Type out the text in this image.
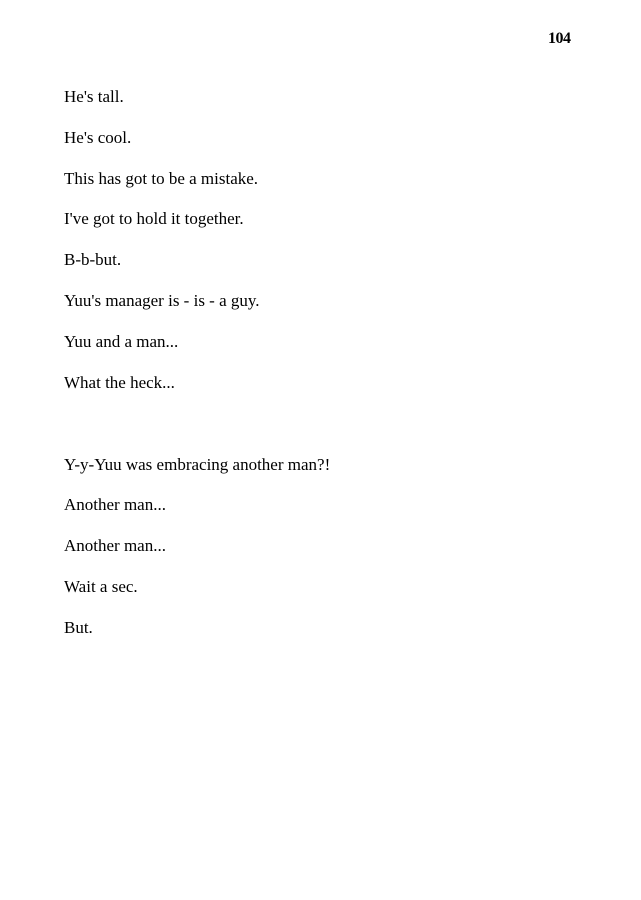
104
He's tall.
He's cool.
This has got to be a mistake.
I've got to hold it together.
B-b-but.
Yuu's manager is - is - a guy.
Yuu and a man...
What the heck...
Y-y-Yuu was embracing another man?!
Another man...
Another man...
Wait a sec.
But.
